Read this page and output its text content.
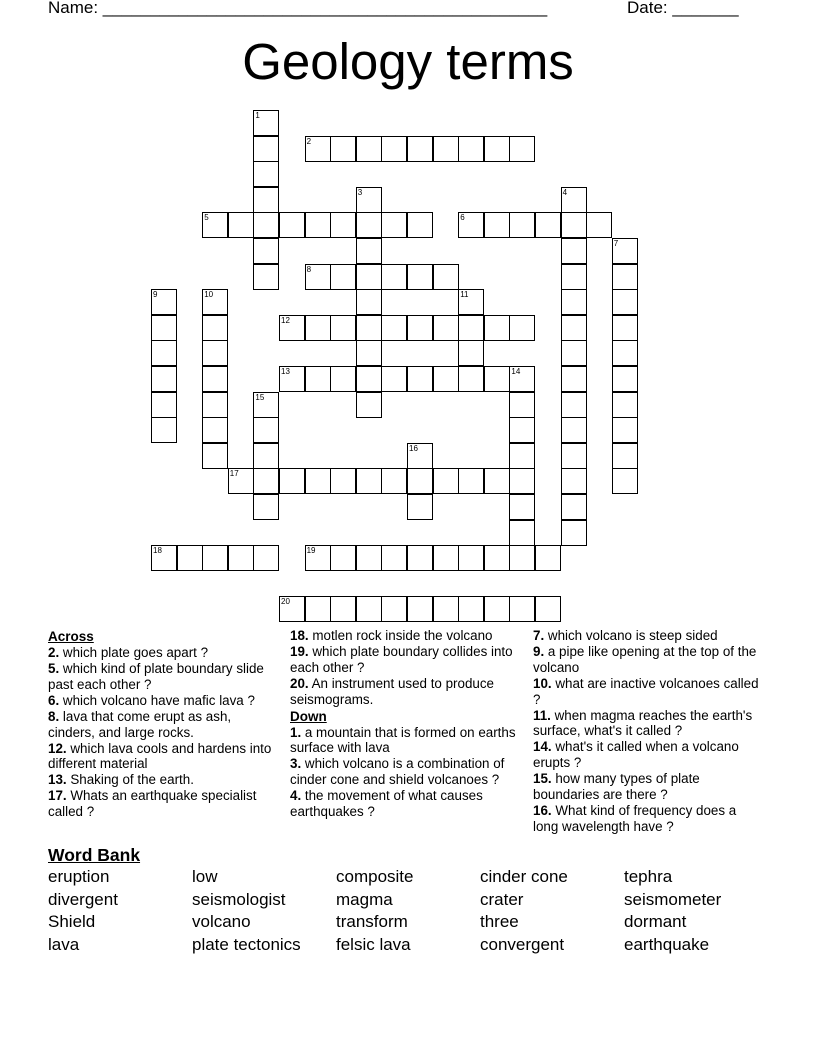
Name: _______________________________________________	Date: _______
Geology terms
1
2
3	4
5	6
7
8
9	10	11
12
13	14
15
16
17
18	19
20
Across
2. which plate goes apart ?
5. which kind of plate boundary slide past each other ?
6. which volcano have mafic lava ?
8. lava that come erupt as ash, cinders, and large rocks.
12. which lava cools and hardens into different material
13. Shaking of the earth.
17. Whats an earthquake specialist called ?
18. motlen rock inside the volcano
19. which plate boundary collides into each other ?
20. An instrument used to produce seismograms.
Down
1. a mountain that is formed on earths surface with lava
3. which volcano is a combination of cinder cone and shield volcanoes ?
4. the movement of what causes earthquakes ?
7. which volcano is steep sided
9. a pipe like opening at the top of the volcano
10. what are inactive volcanoes called ?
11. when magma reaches the earth's surface, what's it called ?
14. what's it called when a volcano erupts ?
15. how many types of plate boundaries are there ?
16. What kind of frequency does a long wavelength have ?
Word Bank
eruption	low	composite	cinder cone	tephra
divergent	seismologist	magma	crater	seismometer
Shield	volcano	transform	three	dormant
lava	plate tectonics	felsic lava	convergent	earthquake
